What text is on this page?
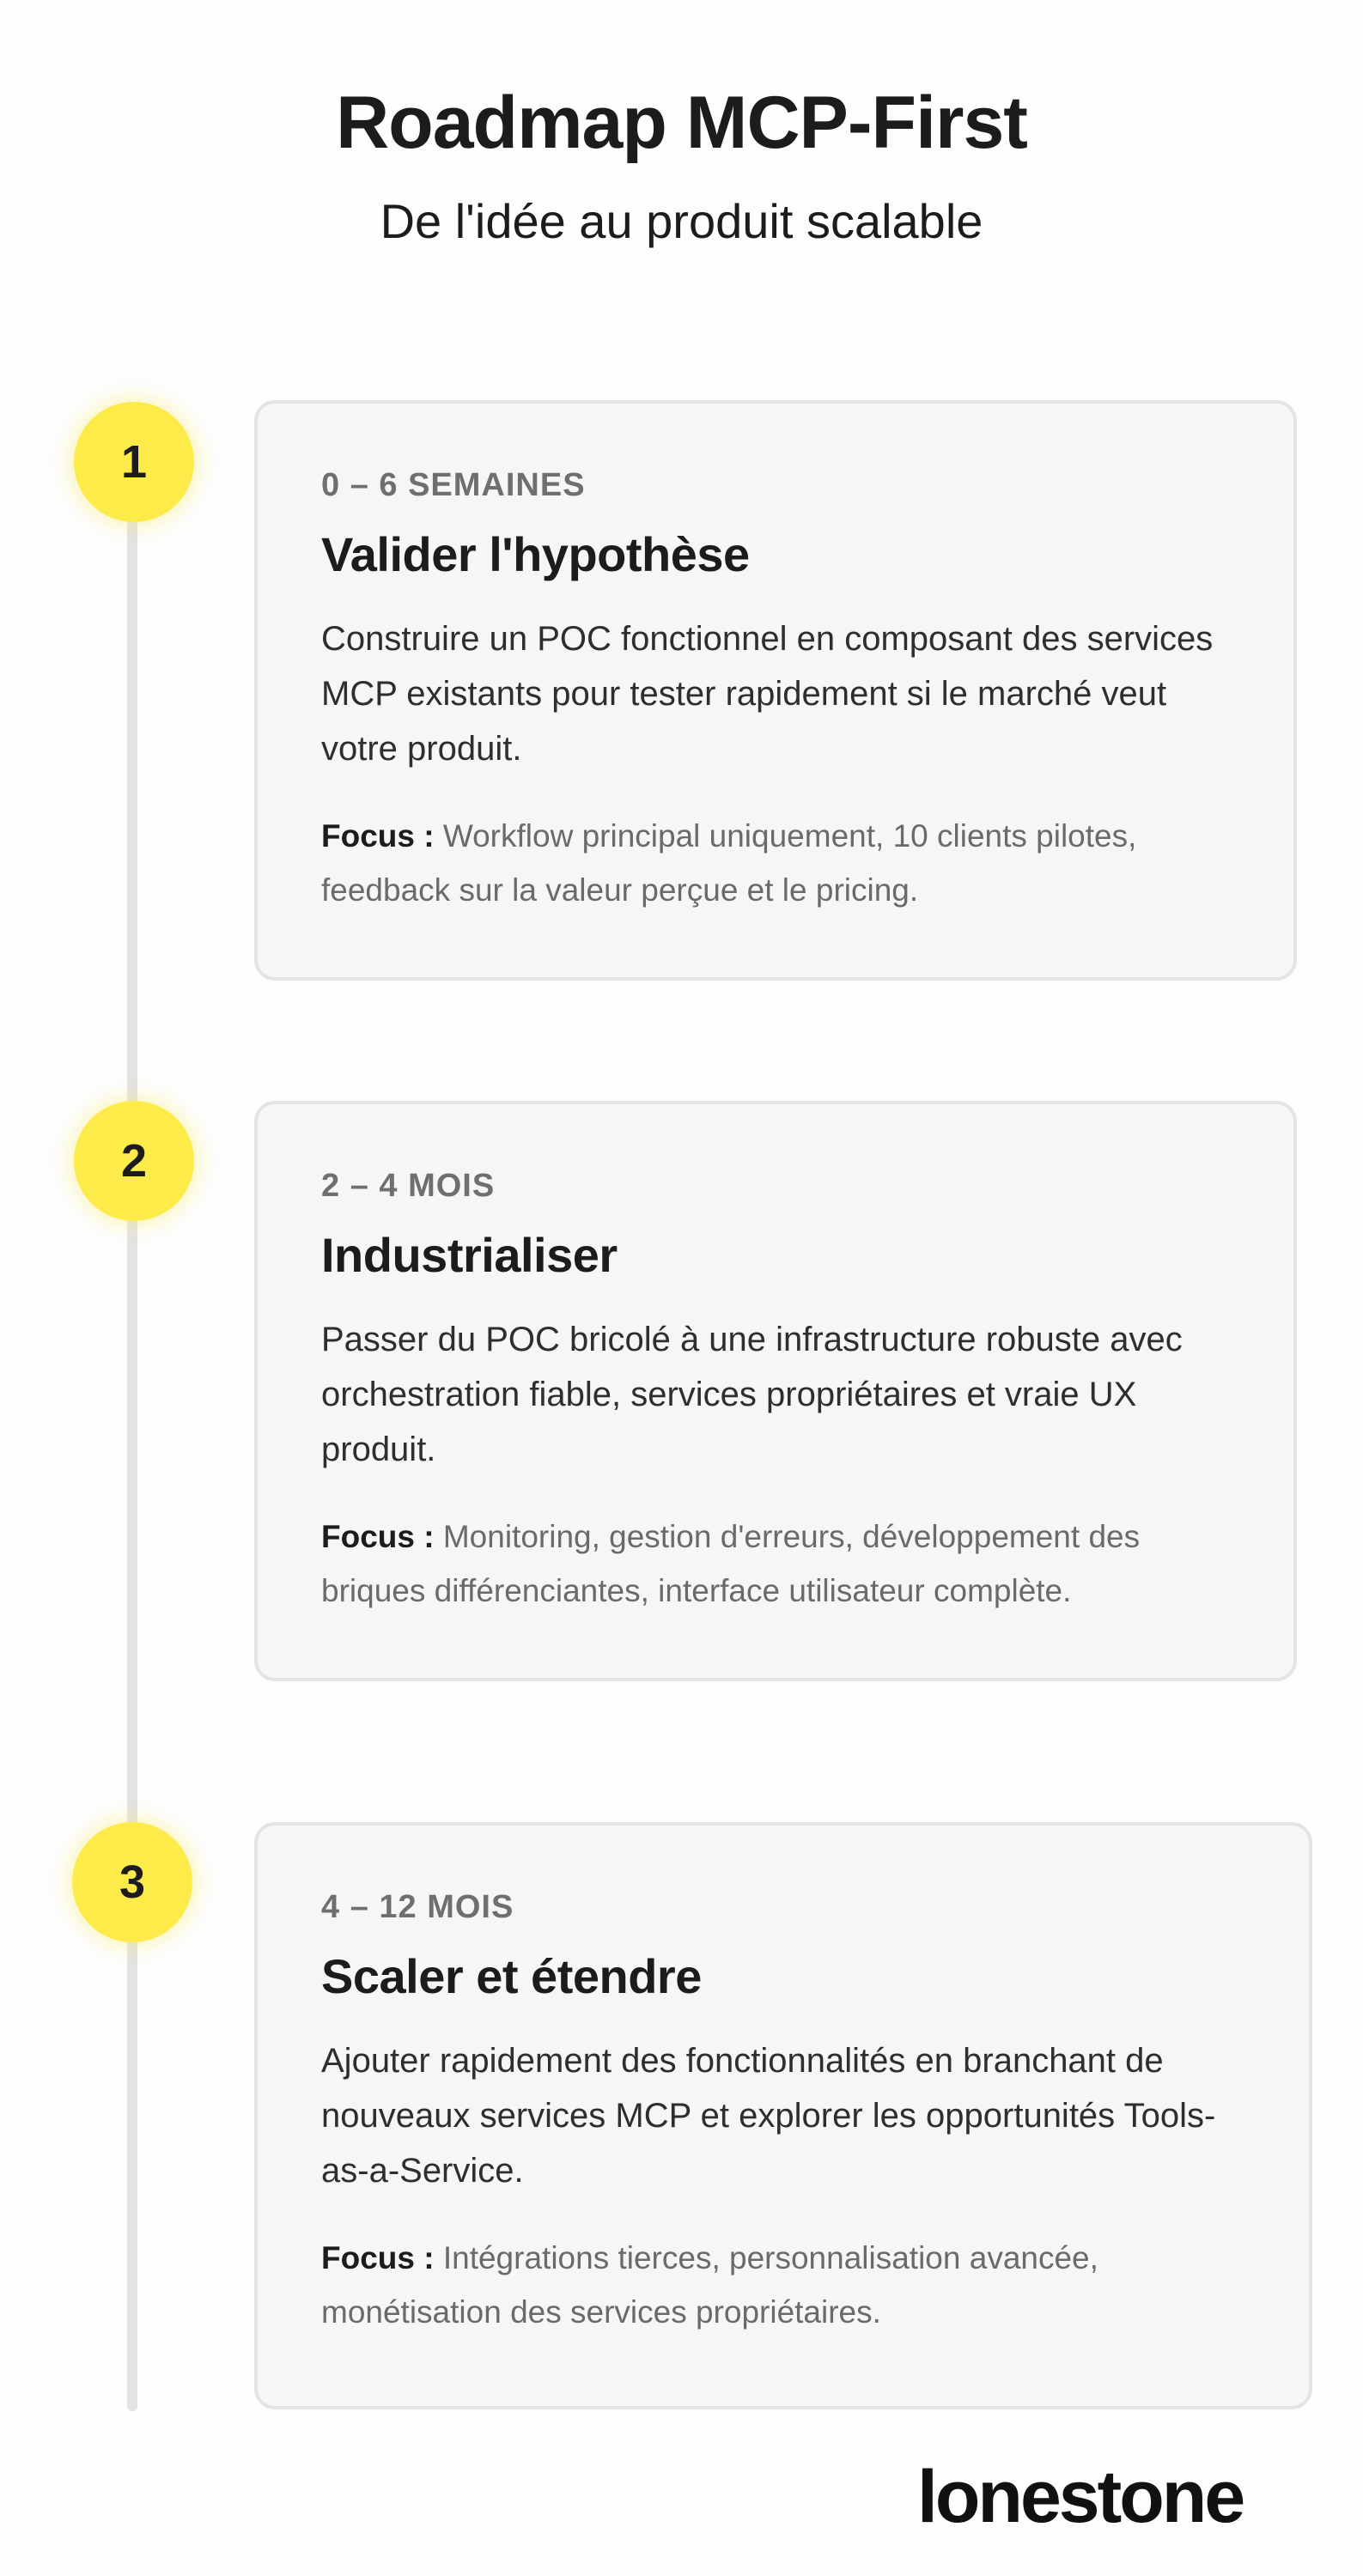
Roadmap MCP-First
De l'idée au produit scalable
1	0 – 6 SEMAINES

Valider l'hypothèse

Construire un POC fonctionnel en composant des services MCP existants pour tester rapidement si le marché veut votre produit.

Focus : Workflow principal uniquement, 10 clients pilotes, feedback sur la valeur perçue et le pricing.

2	2 – 4 MOIS

Industrialiser

Passer du POC bricolé à une infrastructure robuste avec orchestration fiable, services propriétaires et vraie UX produit.

Focus : Monitoring, gestion d'erreurs, développement des briques différenciantes, interface utilisateur complète.

3	4 – 12 MOIS

Scaler et étendre

Ajouter rapidement des fonctionnalités en branchant de nouveaux services MCP et explorer les opportunités Tools-as-a-Service.

Focus : Intégrations tierces, personnalisation avancée, monétisation des services propriétaires.

lonestone
